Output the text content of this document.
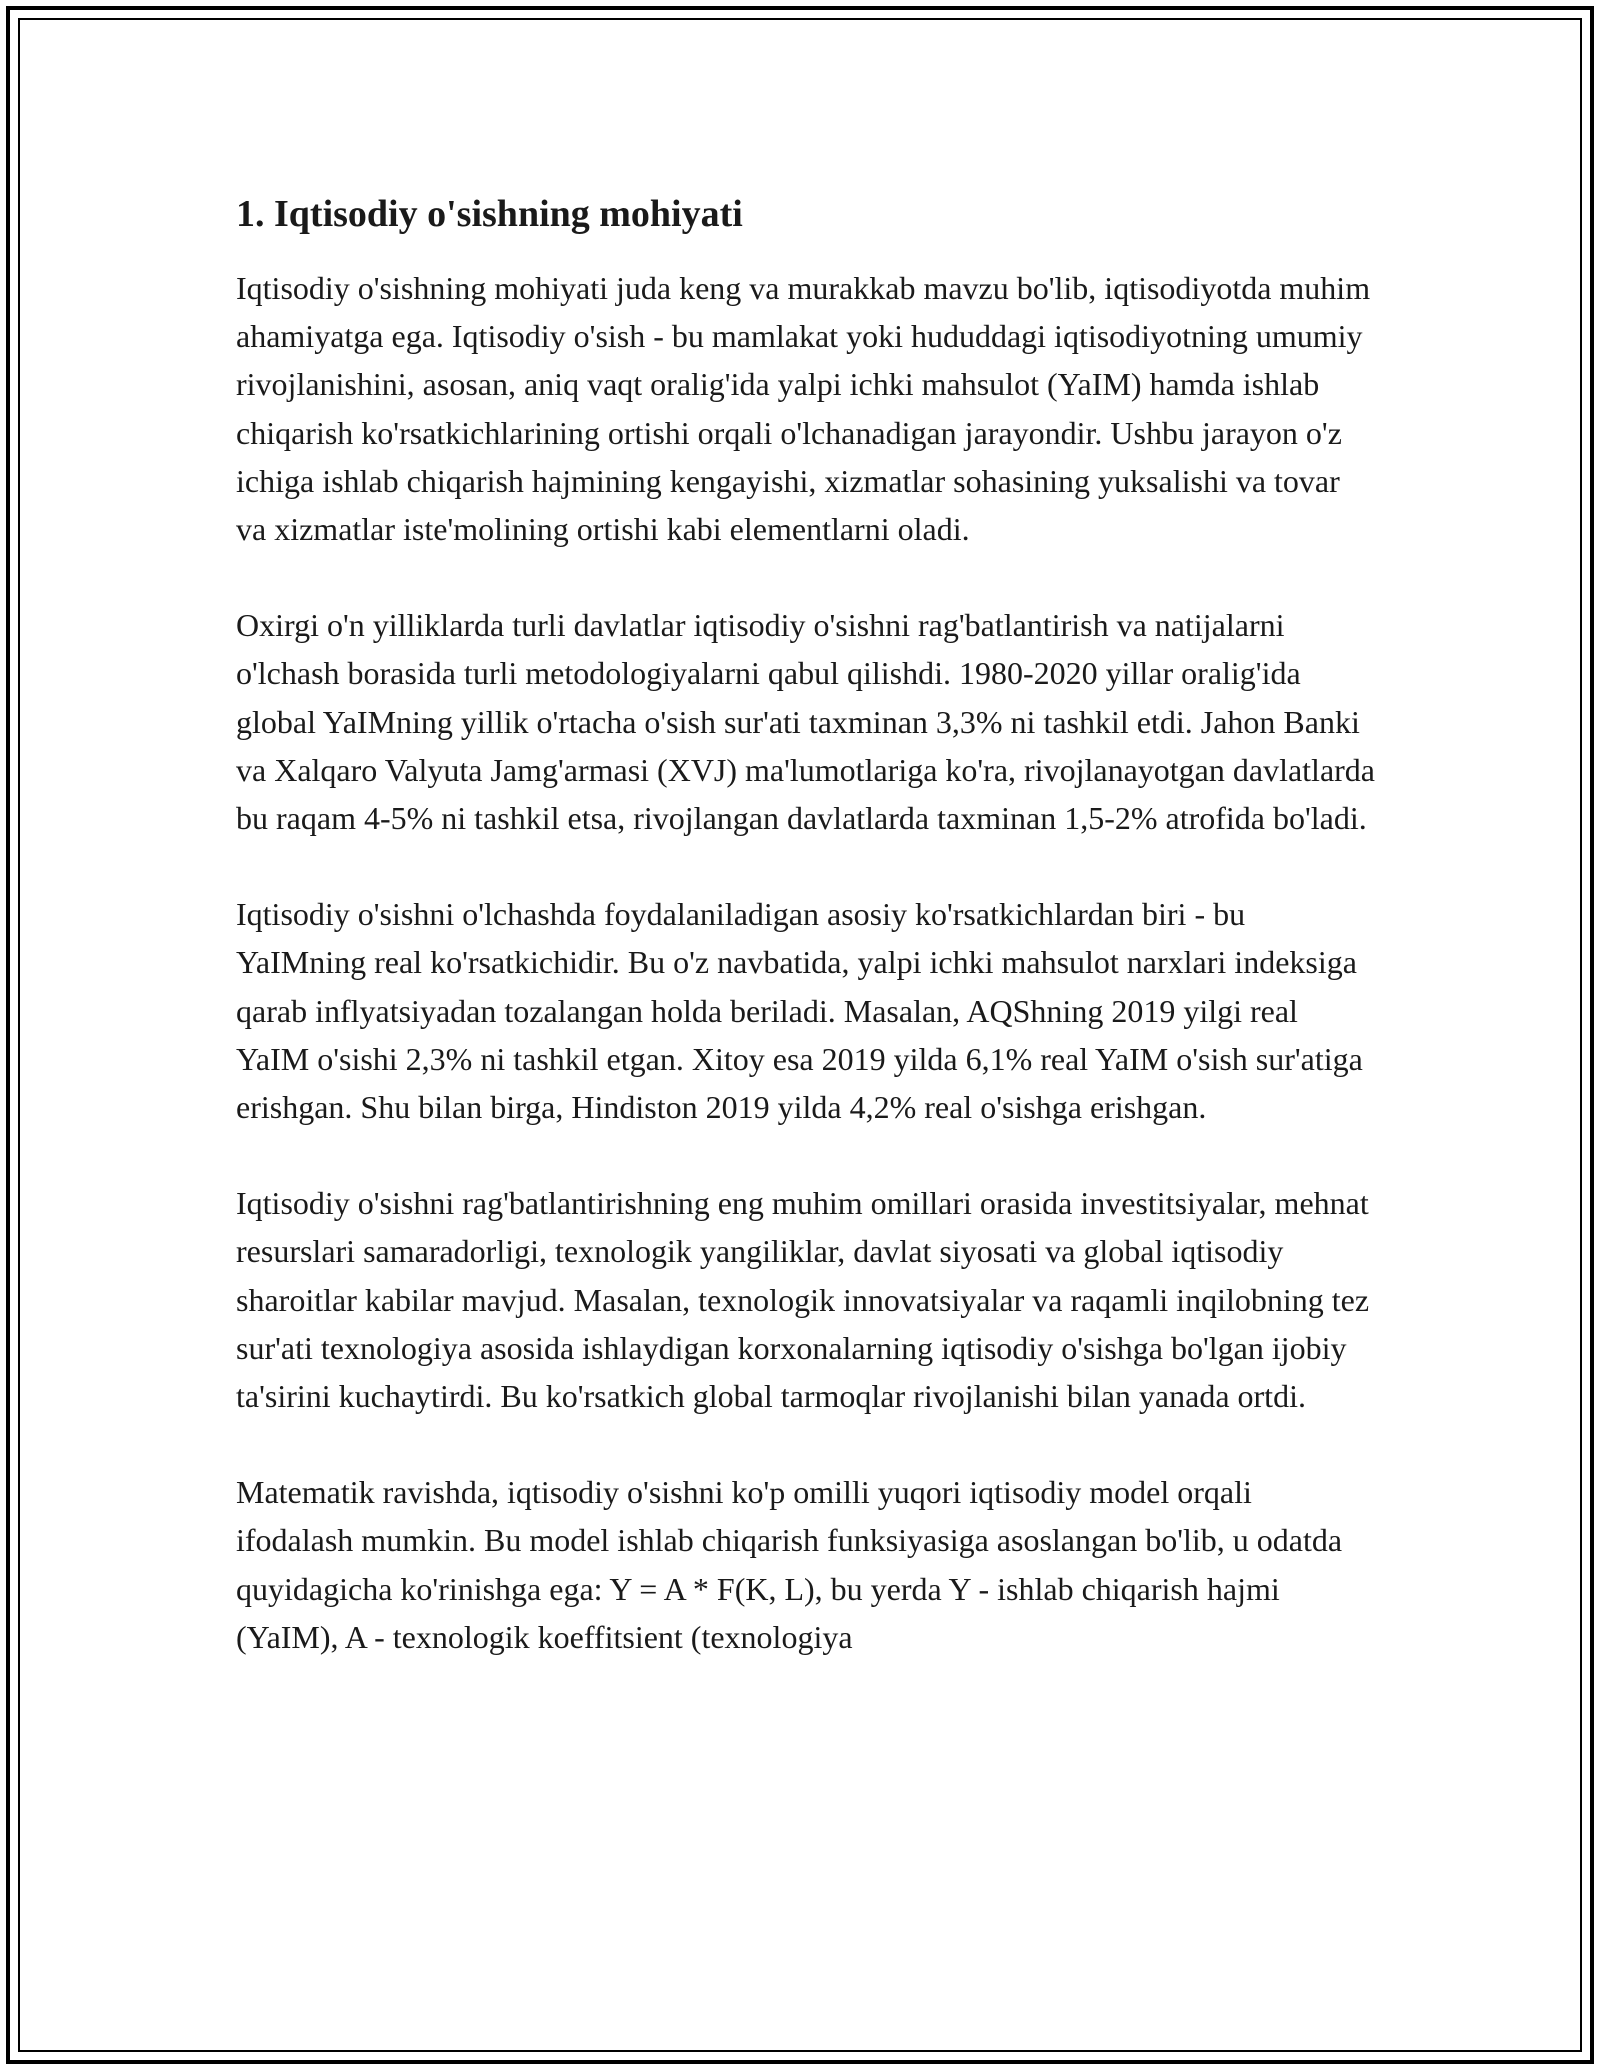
1. Iqtisodiy o'sishning mohiyati

Iqtisodiy o'sishning mohiyati juda keng va murakkab mavzu bo'lib, iqtisodiyotda muhim ahamiyatga ega. Iqtisodiy o'sish - bu mamlakat yoki hududdagi iqtisodiyotning umumiy rivojlanishini, asosan, aniq vaqt oralig'ida yalpi ichki mahsulot (YaIM) hamda ishlab chiqarish ko'rsatkichlarining ortishi orqali o'lchanadigan jarayondir. Ushbu jarayon o'z ichiga ishlab chiqarish hajmining kengayishi, xizmatlar sohasining yuksalishi va tovar va xizmatlar iste'molining ortishi kabi elementlarni oladi.

Oxirgi o'n yilliklarda turli davlatlar iqtisodiy o'sishni rag'batlantirish va natijalarni o'lchash borasida turli metodologiyalarni qabul qilishdi. 1980-2020 yillar oralig'ida global YaIMning yillik o'rtacha o'sish sur'ati taxminan 3,3% ni tashkil etdi. Jahon Banki va Xalqaro Valyuta Jamg'armasi (XVJ) ma'lumotlariga ko'ra, rivojlanayotgan davlatlarda bu raqam 4-5% ni tashkil etsa, rivojlangan davlatlarda taxminan 1,5-2% atrofida bo'ladi.

Iqtisodiy o'sishni o'lchashda foydalaniladigan asosiy ko'rsatkichlardan biri - bu YaIMning real ko'rsatkichidir. Bu o'z navbatida, yalpi ichki mahsulot narxlari indeksiga qarab inflyatsiyadan tozalangan holda beriladi. Masalan, AQShning 2019 yilgi real YaIM o'sishi 2,3% ni tashkil etgan. Xitoy esa 2019 yilda 6,1% real YaIM o'sish sur'atiga erishgan. Shu bilan birga, Hindiston 2019 yilda 4,2% real o'sishga erishgan.

Iqtisodiy o'sishni rag'batlantirishning eng muhim omillari orasida investitsiyalar, mehnat resurslari samaradorligi, texnologik yangiliklar, davlat siyosati va global iqtisodiy sharoitlar kabilar mavjud. Masalan, texnologik innovatsiyalar va raqamli inqilobning tez sur'ati texnologiya asosida ishlaydigan korxonalarning iqtisodiy o'sishga bo'lgan ijobiy ta'sirini kuchaytirdi. Bu ko'rsatkich global tarmoqlar rivojlanishi bilan yanada ortdi.

Matematik ravishda, iqtisodiy o'sishni ko'p omilli yuqori iqtisodiy model orqali ifodalash mumkin. Bu model ishlab chiqarish funksiyasiga asoslangan bo'lib, u odatda quyidagicha ko'rinishga ega: Y = A * F(K, L), bu yerda Y - ishlab chiqarish hajmi (YaIM), A - texnologik koeffitsient (texnologiya
